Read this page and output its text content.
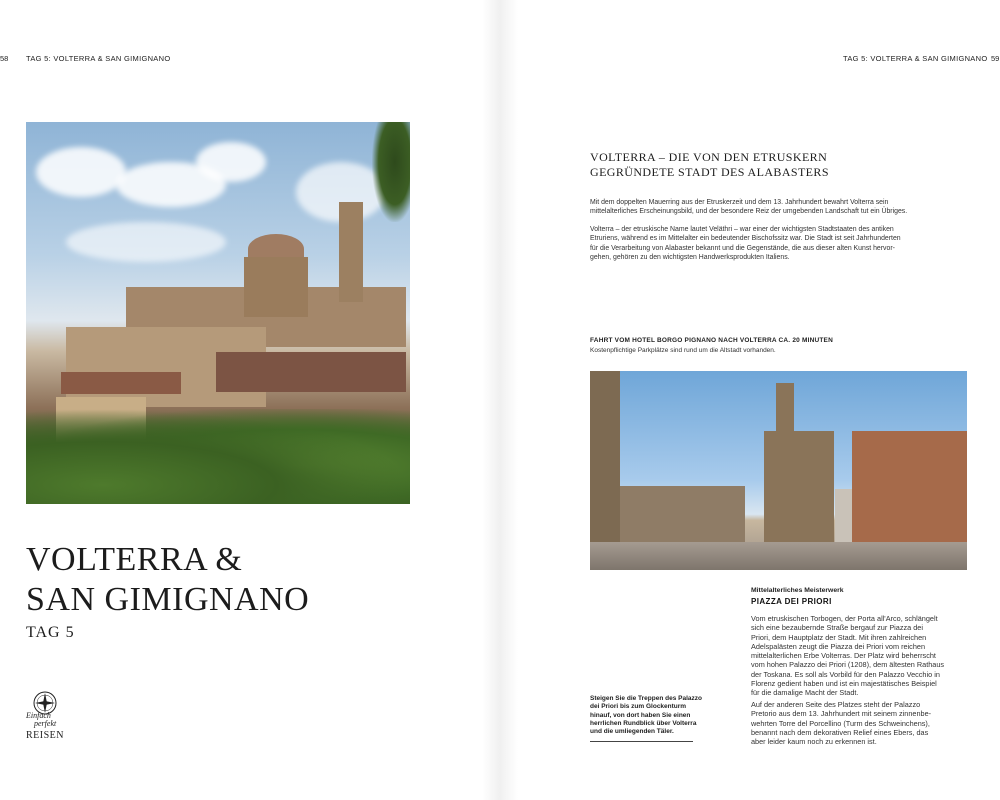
58 TAG 5: VOLTERRA & SAN GIMIGNANO	TAG 5: VOLTERRA & SAN GIMIGNANO 59
VOLTERRA &
SAN GIMIGNANO
TAG 5
Einfach
perfekt
REISEN
VOLTERRA – DIE VON DEN ETRUSKERN
GEGRÜNDETE STADT DES ALABASTERS
Mit dem doppelten Mauerring aus der Etruskerzeit und dem 13. Jahrhundert bewahrt Volterra sein
mittelalterliches Erscheinungsbild, und der besondere Reiz der umgebenden Landschaft tut ein Übriges.
Volterra – der etruskische Name lautet Veläthri – war einer der wichtigsten Stadtstaaten des antiken
Etruriens, während es im Mittelalter ein bedeutender Bischofssitz war. Die Stadt ist seit Jahrhunderten
für die Verarbeitung von Alabaster bekannt und die Gegenstände, die aus dieser alten Kunst hervor-
gehen, gehören zu den wichtigsten Handwerksprodukten Italiens.
FAHRT VOM HOTEL BORGO PIGNANO NACH VOLTERRA CA. 20 MINUTEN
Kostenpflichtige Parkplätze sind rund um die Altstadt vorhanden.
Steigen Sie die Treppen des Palazzo
dei Priori bis zum Glockenturm
hinauf, von dort haben Sie einen
herrlichen Rundblick über Volterra
und die umliegenden Täler.
Mittelalterliches Meisterwerk
PIAZZA DEI PRIORI
Vom etruskischen Torbogen, der Porta all'Arco, schlängelt
sich eine bezaubernde Straße bergauf zur Piazza dei
Priori, dem Hauptplatz der Stadt. Mit ihren zahlreichen
Adelspalästen zeugt die Piazza dei Priori vom reichen
mittelalterlichen Erbe Volterras. Der Platz wird beherrscht
vom hohen Palazzo dei Priori (1208), dem ältesten Rathaus
der Toskana. Es soll als Vorbild für den Palazzo Vecchio in
Florenz gedient haben und ist ein majestätisches Beispiel
für die damalige Macht der Stadt.
Auf der anderen Seite des Platzes steht der Palazzo
Pretorio aus dem 13. Jahrhundert mit seinem zinnenbe-
wehrten Torre del Porcellino (Turm des Schweinchens),
benannt nach dem dekorativen Relief eines Ebers, das
aber leider kaum noch zu erkennen ist.
